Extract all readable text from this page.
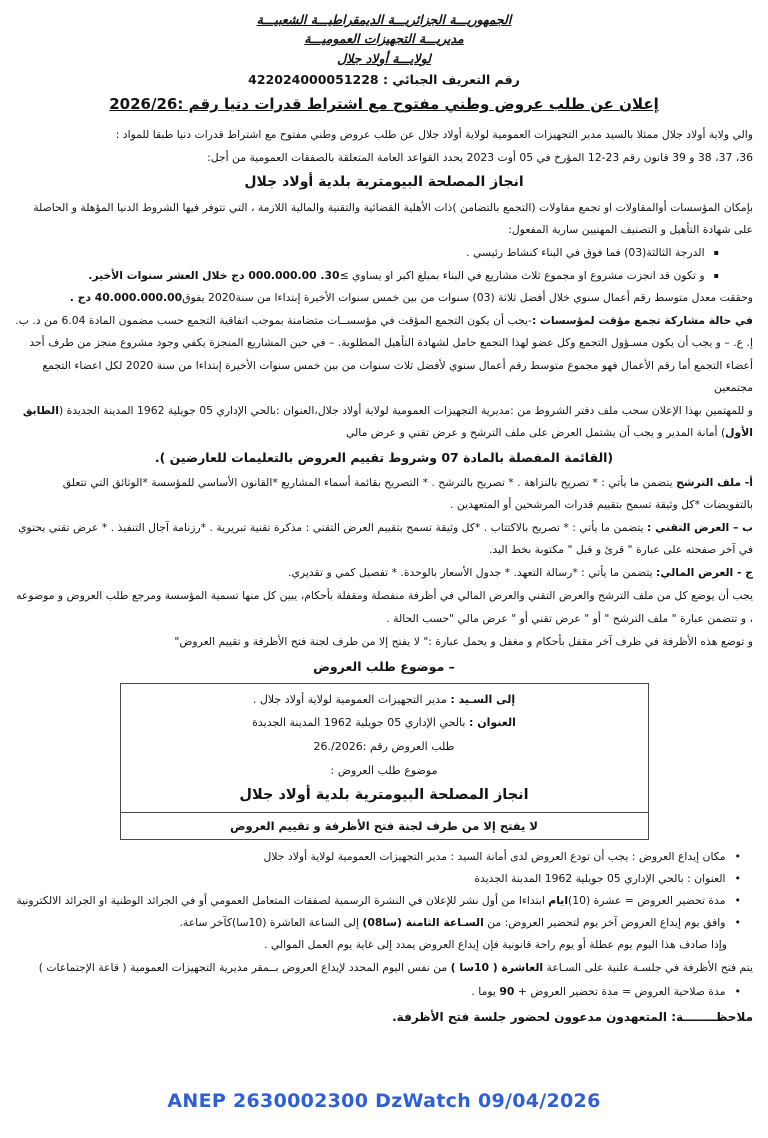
الجمهوريـــة الجزائريـــة الديمقراطيـــة الشعبيـــة
مديريـــة التجهيزات العموميـــة
لولايـــة أولاد جلال
رقم التعريف الجبائي : 422024000051228
إعلان عن طلب عروض وطني مفتوح مع اشتراط قدرات دنيا رقم :2026/26

والي ولاية أولاد جلال ممثلا بالسيد مدير التجهيزات العمومية لولاية أولاد جلال عن طلب عروض وطني مفتوح مع اشتراط قدرات دنيا طبقا للمواد :

36، 37، 38 و 39 قانون رقم 23-12 المؤرخ في 05 أوت 2023 يحدد القواعد العامة المتعلقة بالصفقات العمومية من أجل:

انجاز المصلحة البيومترية بلدية أولاد جلال

بإمكان المؤسسات أوالمقاولات او تجمع مقاولات (التجمع بالتضامن )ذات الأهلية القضائية والتقنية والمالية اللازمة ، التي تتوفر فيها الشروط الدنيا المؤهلة و الحاصلة على شهادة التأهيل و التصنيف المهنيين سارية المفعول:

▪
الدرجة الثالثة(03) فما فوق في البناء كنشاط رئيسي .
▪
و تكون قد انجزت مشروع او مجموع ثلاث مشاريع في البناء بمبلغ اكبر او يساوي ≥30. 000.000.00 دج خلال العشر سنوات الأخير.

وحققت معدل متوسط رقم أعمال سنوي خلال أفضل ثلاثة (03) سنوات من بين خمس سنوات الأخيرة إبتداءا من سنة2020 يفوق40.000.000.00 دج .

في حالة مشاركة تجمع مؤقت لمؤسسات :-يجب أن يكون التجمع المؤقت في مؤسســات متضامنة بموجب اتفاقية التجمع حسب مضمون المادة 6.04 من د. ب. إ. ع. – و يجب أن يكون مسـؤول التجمع وكل عضو لهذا التجمع حامل لشهادة التأهيل المطلوبة. – في حين المشاريع المنجزة يكفي وجود مشروع منجز من طرف أحد أعضاء التجمع أما رقم الأعمال فهو مجموع متوسط رقم أعمال سنوي لأفضل ثلاث سنوات من بين خمس سنوات الأخيرة إبتداءا من سنة 2020 لكل اعضاء التجمع مجتمعين

و للمهتمين بهذا الإعلان سحب ملف دفتر الشروط من :مديرية التجهيزات العمومية لولاية أولاد جلال،العنوان :بالحي الإداري 05 جويلية 1962 المدينة الجديدة (الطابق الأول) أمانة المدير و يجب أن يشتمل العرض على ملف الترشح و عرض تقني و عرض مالي

(القائمة المفصلة بالمادة 07 وشروط تقييم العروض بالتعليمات للعارضين ).

أ- ملف الترشح يتضمن ما يأتي : * تصريح بالنزاهة . * تصريح بالترشح . * التصريح بقائمة أسماء المشاريع *القانون الأساسي للمؤسسة *الوثائق التي تتعلق بالتفويضات *كل وثيقة تسمح بتقييم قدرات المرشحين أو المتعهدين .

ب – العرض التقني : يتضمن ما يأتي : * تصريح بالاكتتاب . *كل وثيقة تسمح بتقييم العرض التقني : مذكرة تقنية تبريرية . *رزنامة آجال التنفيذ . * عرض تقني يحتوي في آخر صفحته على عبارة " قرئ و قبل " مكتوبة بخط اليد.

ج - العرض المالي: يتضمن ما يأتي : *رسالة التعهد. * جدول الأسعار بالوحدة. * تفصيل كمي و تقديري.

يجب أن يوضع كل من ملف الترشح والعرض التقني والعرض المالي في أظرفة منفصلة ومقفلة بأحكام، يبين كل منها تسمية المؤسسة ومرجع طلب العروض و موضوعه ، و تتضمن عبارة " ملف الترشح " أو " عرض تقني أو " عرض مالي "حسب الحالة .

و توضع هذه الأظرفة في ظرف آخر مقفل بأحكام و مغفل و يحمل عبارة :" لا يفتح إلا من طرف لجنة فتح الأظرفة و تقييم العروض"

– موضوع طلب العروض
إلى السـيد : مدير التجهيزات العمومية لولاية أولاد جلال .
العنوان : بالحي الإداري 05 جويلية 1962 المدينة الجديدة
طلب العروض رقم :2026/.26
موضوع طلب العروض :
انجاز المصلحة البيومترية بلدية أولاد جلال
لا يفتح إلا من طرف لجنة فتح الأظرفة و تقييم العروض
•
مكان إيداع العروض : يجب أن تودع العروض لدى أمانة السيد : مدير التجهيزات العمومية لولاية أولاد جلال
•
العنوان : بالحي الإداري 05 جويلية 1962 المدينة الجديدة
•
مدة تحضير العروض = عشرة (10)ايام ابتداءا من أول نشر للإعلان في النشرة الرسمية لصفقات المتعامل العمومي أو في الجرائد الوطنية او الجرائد الالكترونية
•
وافق يوم إيداع العروض آخر يوم لتحضير العروض: من السـاعة الثامنة (سا08) إلى الساعة العاشرة (10سا)كآخر ساعة.

وإذا صادف هذا اليوم يوم عطلة أو يوم راحة قانونية فإن إيداع العروض يمدد إلى غاية يوم العمل الموالي .

يتم فتح الأظرفة في جلسـة علنية على السـاعة العاشرة ( 10سا ) من نفس اليوم المحدد لإيداع العروض بــمقر مديرية التجهيزات العمومية ( قاعة الإجتماعات )

•
مدة صلاحية العروض = مدة تحضير العروض + 90 يوما .
ملاحظــــــــة: المتعهدون مدعوون لحضور جلسة فتح الأظرفة.
ANEP 2630002300 DzWatch 09/04/2026
